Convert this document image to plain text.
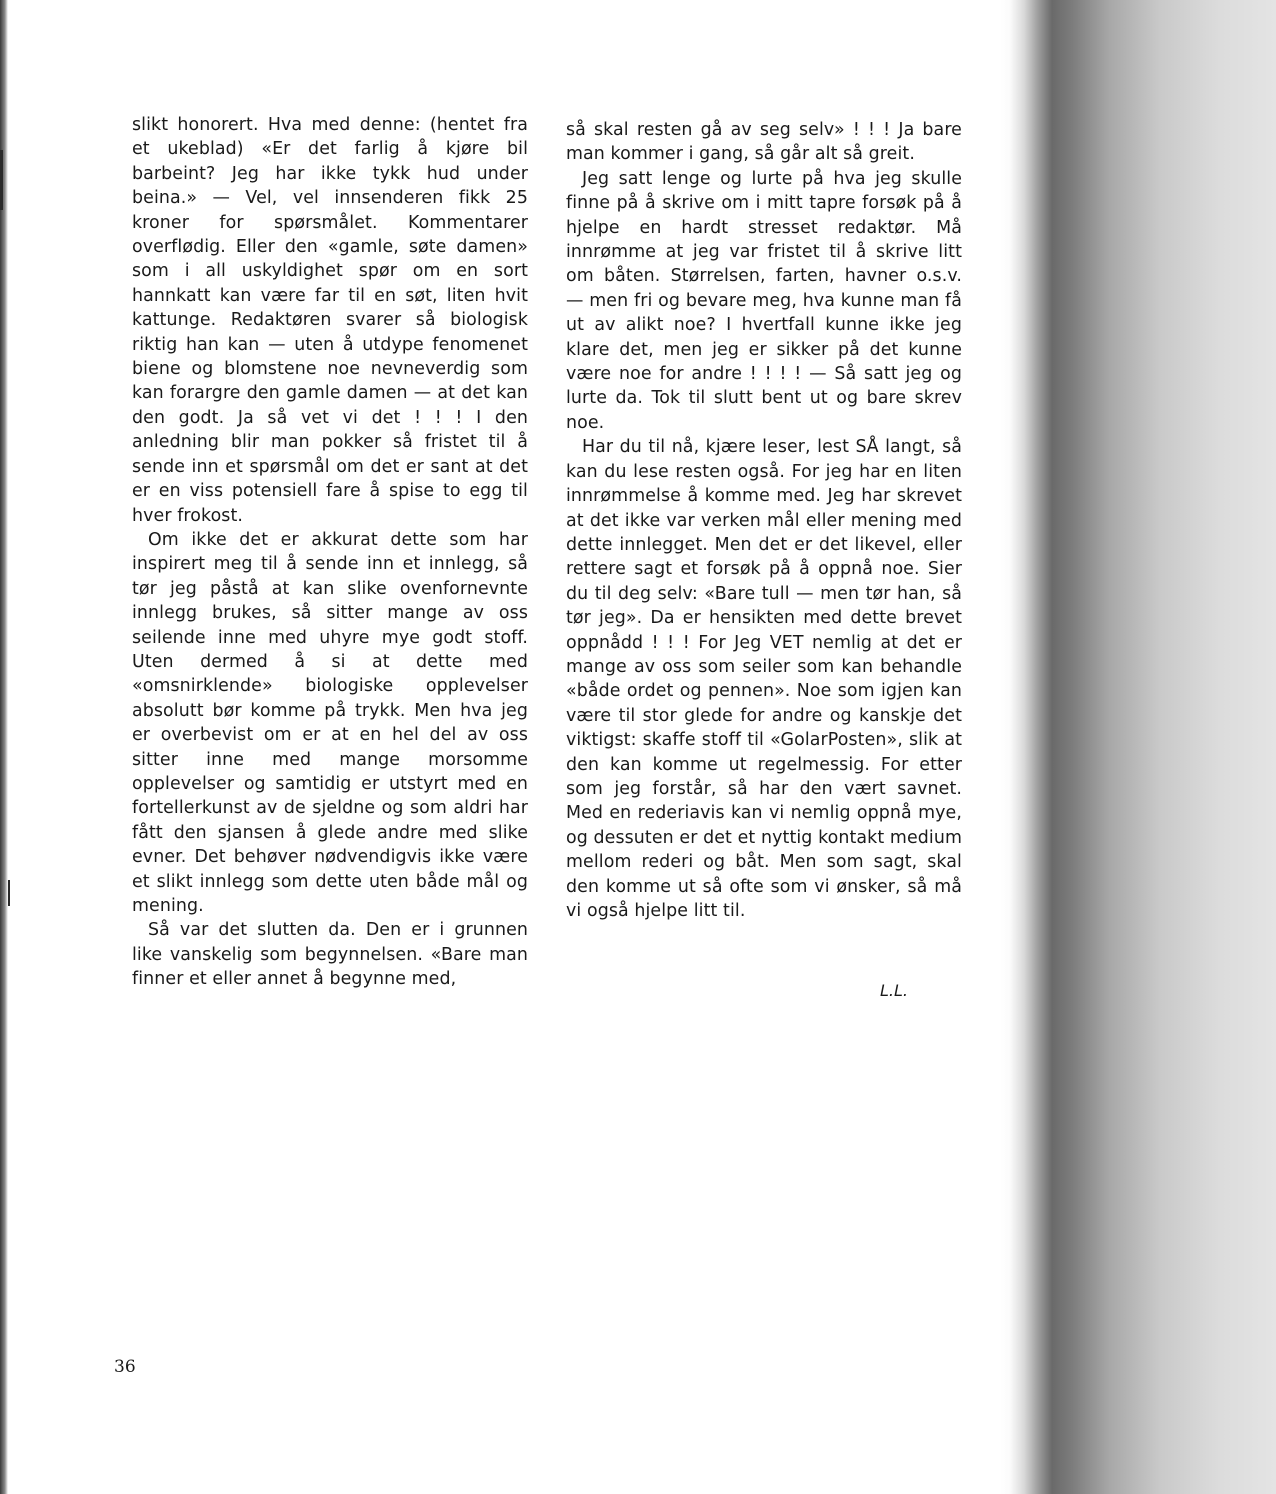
slikt honorert. Hva med denne: (hentet fra et ukeblad) «Er det farlig å kjøre bil barbeint? Jeg har ikke tykk hud under beina.» — Vel, vel innsenderen fikk 25 kroner for spørsmålet. Kommentarer overflødig. Eller den «gamle, søte damen» som i all uskyldighet spør om en sort hannkatt kan være far til en søt, liten hvit kattunge. Redaktøren svarer så biologisk riktig han kan — uten å utdype fenomenet biene og blomstene noe nevneverdig som kan forargre den gamle damen — at det kan den godt. Ja så vet vi det ! ! ! I den anledning blir man pokker så fristet til å sende inn et spørsmål om det er sant at det er en viss potensiell fare å spise to egg til hver frokost.

Om ikke det er akkurat dette som har inspirert meg til å sende inn et innlegg, så tør jeg påstå at kan slike ovenfornevnte innlegg brukes, så sitter mange av oss seilende inne med uhyre mye godt stoff. Uten dermed å si at dette med «omsnirklende» biologiske opplevelser absolutt bør komme på trykk. Men hva jeg er overbevist om er at en hel del av oss sitter inne med mange morsomme opplevelser og samtidig er utstyrt med en fortellerkunst av de sjeldne og som aldri har fått den sjansen å glede andre med slike evner. Det behøver nødvendigvis ikke være et slikt innlegg som dette uten både mål og mening.

Så var det slutten da. Den er i grunnen like vanskelig som begynnelsen. «Bare man finner et eller annet å begynne med,

så skal resten gå av seg selv» ! ! ! Ja bare man kommer i gang, så går alt så greit.

Jeg satt lenge og lurte på hva jeg skulle finne på å skrive om i mitt tapre forsøk på å hjelpe en hardt stresset redaktør. Må innrømme at jeg var fristet til å skrive litt om båten. Størrelsen, farten, havner o.s.v. — men fri og bevare meg, hva kunne man få ut av alikt noe? I hvertfall kunne ikke jeg klare det, men jeg er sikker på det kunne være noe for andre ! ! ! ! — Så satt jeg og lurte da. Tok til slutt bent ut og bare skrev noe.

Har du til nå, kjære leser, lest SÅ langt, så kan du lese resten også. For jeg har en liten innrømmelse å komme med. Jeg har skrevet at det ikke var verken mål eller mening med dette innlegget. Men det er det likevel, eller rettere sagt et forsøk på å oppnå noe. Sier du til deg selv: «Bare tull — men tør han, så tør jeg». Da er hensikten med dette brevet oppnådd ! ! ! For Jeg VET nemlig at det er mange av oss som seiler som kan behandle «både ordet og pennen». Noe som igjen kan være til stor glede for andre og kanskje det viktigst: skaffe stoff til «GolarPosten», slik at den kan komme ut regelmessig. For etter som jeg forstår, så har den vært savnet. Med en rederiavis kan vi nemlig oppnå mye, og dessuten er det et nyttig kontakt medium mellom rederi og båt. Men som sagt, skal den komme ut så ofte som vi ønsker, så må vi også hjelpe litt til.

L.L.
36
